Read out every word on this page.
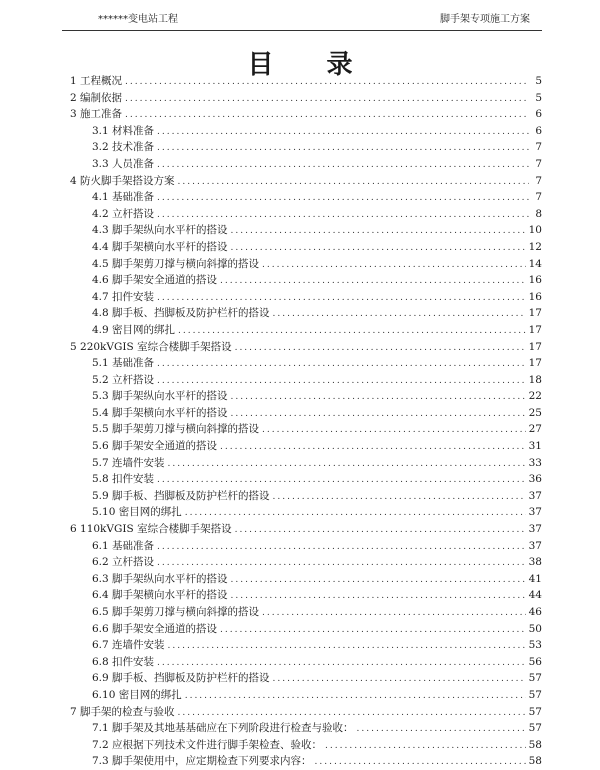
******变电站工程	脚手架专项施工方案
目 录
1 工程概况 .....	5
2 编制依据 .....	5
3 施工准备 .....	6
3.1 材料准备 .....	6
3.2 技术准备 .....	7
3.3 人员准备 .....	7
4 防火脚手架搭设方案 .....	7
4.1 基础准备 .....	7
4.2 立杆搭设 .....	8
4.3 脚手架纵向水平杆的搭设 .....	10
4.4 脚手架横向水平杆的搭设 .....	12
4.5 脚手架剪刀撑与横向斜撑的搭设 .....	14
4.6 脚手架安全通道的搭设 .....	16
4.7 扣件安装 .....	16
4.8 脚手板、挡脚板及防护栏杆的搭设 .....	17
4.9 密目网的绑扎 .....	17
5 220kVGIS 室综合楼脚手架搭设 .....	17
5.1 基础准备 .....	17
5.2 立杆搭设 .....	18
5.3 脚手架纵向水平杆的搭设 .....	22
5.4 脚手架横向水平杆的搭设 .....	25
5.5 脚手架剪刀撑与横向斜撑的搭设 .....	27
5.6 脚手架安全通道的搭设 .....	31
5.7 连墙件安装 .....	33
5.8 扣件安装 .....	36
5.9 脚手板、挡脚板及防护栏杆的搭设 .....	37
5.10 密目网的绑扎 .....	37
6 110kVGIS 室综合楼脚手架搭设 .....	37
6.1 基础准备 .....	37
6.2 立杆搭设 .....	38
6.3 脚手架纵向水平杆的搭设 .....	41
6.4 脚手架横向水平杆的搭设 .....	44
6.5 脚手架剪刀撑与横向斜撑的搭设 .....	46
6.6 脚手架安全通道的搭设 .....	50
6.7 连墙件安装 .....	53
6.8 扣件安装 .....	56
6.9 脚手板、挡脚板及防护栏杆的搭设 .....	57
6.10 密目网的绑扎 .....	57
7 脚手架的检查与验收 .....	57
7.1 脚手架及其地基基础应在下列阶段进行检查与验收： .....	57
7.2 应根据下列技术文件进行脚手架检查、验收： .....	58
7.3 脚手架使用中，应定期检查下列要求内容： .....	58
